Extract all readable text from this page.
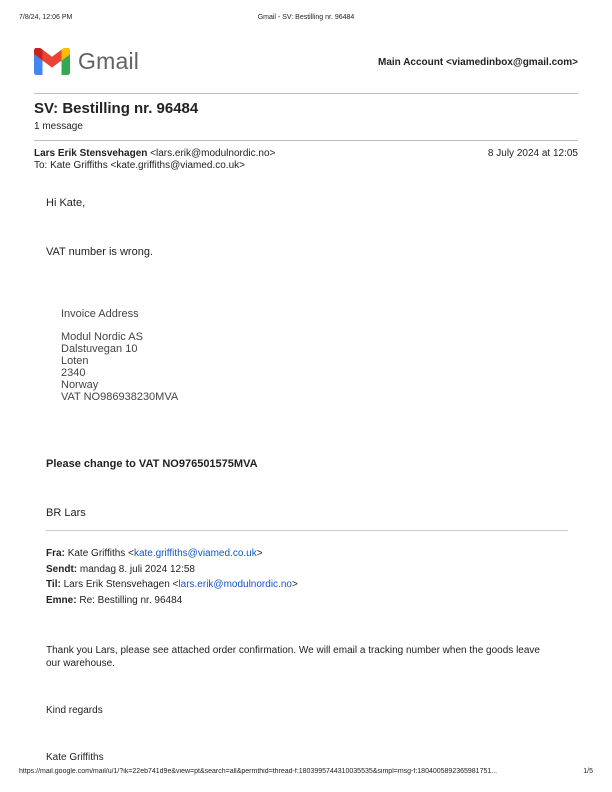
7/8/24, 12:06 PM	Gmail - SV: Bestilling nr. 96484
Gmail	Main Account <viamedinbox@gmail.com>
SV: Bestilling nr. 96484
1 message
Lars Erik Stensvehagen <lars.erik@modulnordic.no>	8 July 2024 at 12:05
To: Kate Griffiths <kate.griffiths@viamed.co.uk>
Hi Kate,
VAT number is wrong.
Invoice Address
Modul Nordic AS
Dalstuvegan 10
Loten
2340
Norway
VAT NO986938230MVA
Please change to VAT NO976501575MVA
BR Lars
Fra: Kate Griffiths <kate.griffiths@viamed.co.uk>
Sendt: mandag 8. juli 2024 12:58
Til: Lars Erik Stensvehagen <lars.erik@modulnordic.no>
Emne: Re: Bestilling nr. 96484
Thank you Lars, please see attached order confirmation. We will email a tracking number when the goods leave our warehouse.
Kind regards
Kate Griffiths
https://mail.google.com/mail/u/1/?ik=22eb741d9e&view=pt&search=all&permthid=thread-f:1803995744310035535&simpl=msg-f:1804005892365981751...	1/5
